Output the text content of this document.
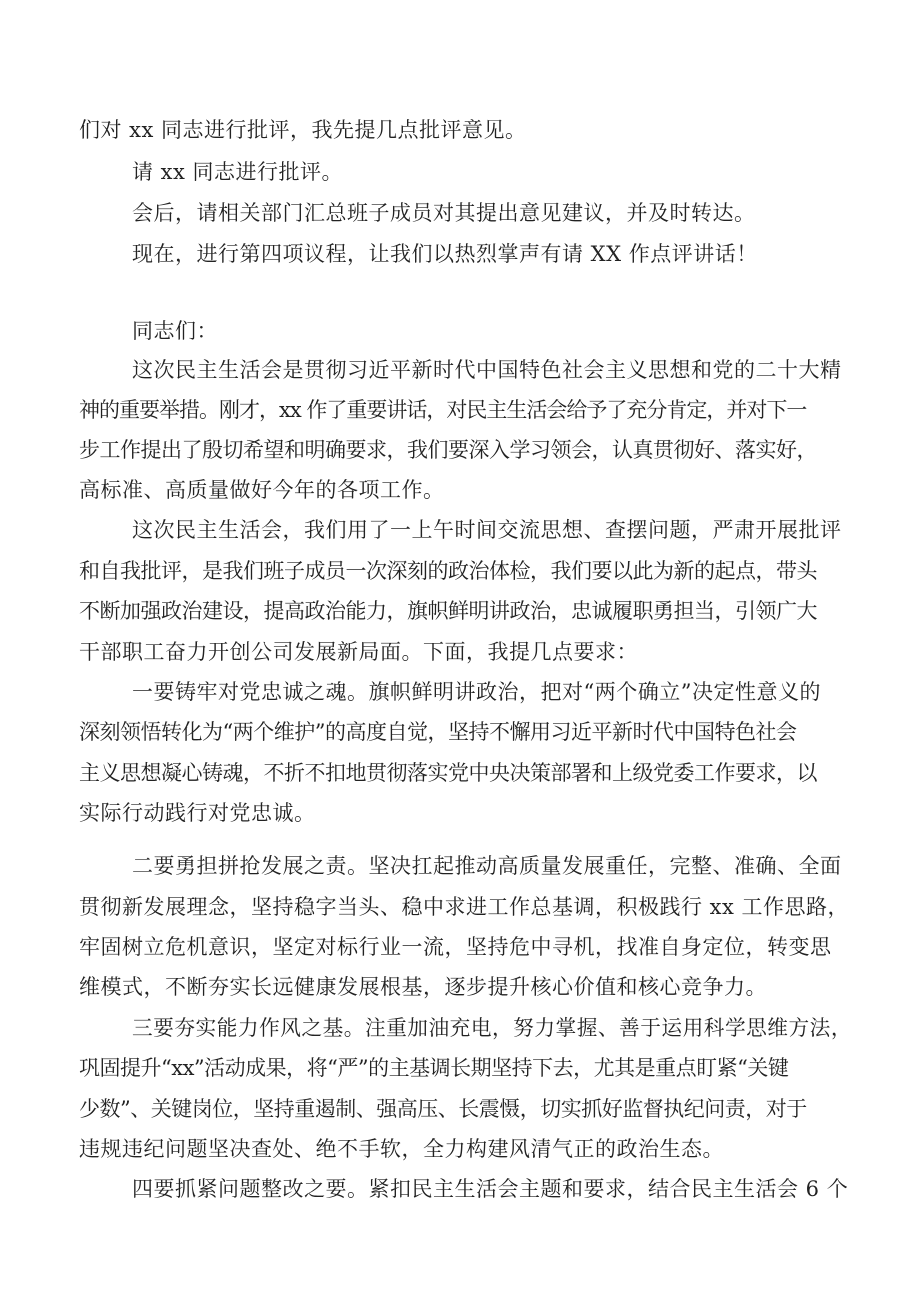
们对 xx 同志进行批评，我先提几点批评意见。
请 xx 同志进行批评。
会后，请相关部门汇总班子成员对其提出意见建议，并及时转达。
现在，进行第四项议程，让我们以热烈掌声有请 XX 作点评讲话！
同志们：
这次民主生活会是贯彻习近平新时代中国特色社会主义思想和党的二十大精
神的重要举措。刚才，xx 作了重要讲话，对民主生活会给予了充分肯定，并对下一
步工作提出了殷切希望和明确要求，我们要深入学习领会，认真贯彻好、落实好，
高标准、高质量做好今年的各项工作。
这次民主生活会，我们用了一上午时间交流思想、查摆问题，严肃开展批评
和自我批评，是我们班子成员一次深刻的政治体检，我们要以此为新的起点，带头
不断加强政治建设，提高政治能力，旗帜鲜明讲政治，忠诚履职勇担当，引领广大
干部职工奋力开创公司发展新局面。下面，我提几点要求：
一要铸牢对党忠诚之魂。旗帜鲜明讲政治，把对“两个确立”决定性意义的
深刻领悟转化为“两个维护”的高度自觉，坚持不懈用习近平新时代中国特色社会
主义思想凝心铸魂，不折不扣地贯彻落实党中央决策部署和上级党委工作要求，以
实际行动践行对党忠诚。
二要勇担拼抢发展之责。坚决扛起推动高质量发展重任，完整、准确、全面
贯彻新发展理念，坚持稳字当头、稳中求进工作总基调，积极践行 xx 工作思路，
牢固树立危机意识，坚定对标行业一流，坚持危中寻机，找准自身定位，转变思
维模式，不断夯实长远健康发展根基，逐步提升核心价值和核心竞争力。
三要夯实能力作风之基。注重加油充电，努力掌握、善于运用科学思维方法，
巩固提升“xx”活动成果，将“严”的主基调长期坚持下去，尤其是重点盯紧“关键
少数”、关键岗位，坚持重遏制、强高压、长震慑，切实抓好监督执纪问责，对于
违规违纪问题坚决查处、绝不手软，全力构建风清气正的政治生态。
四要抓紧问题整改之要。紧扣民主生活会主题和要求，结合民主生活会 6 个
